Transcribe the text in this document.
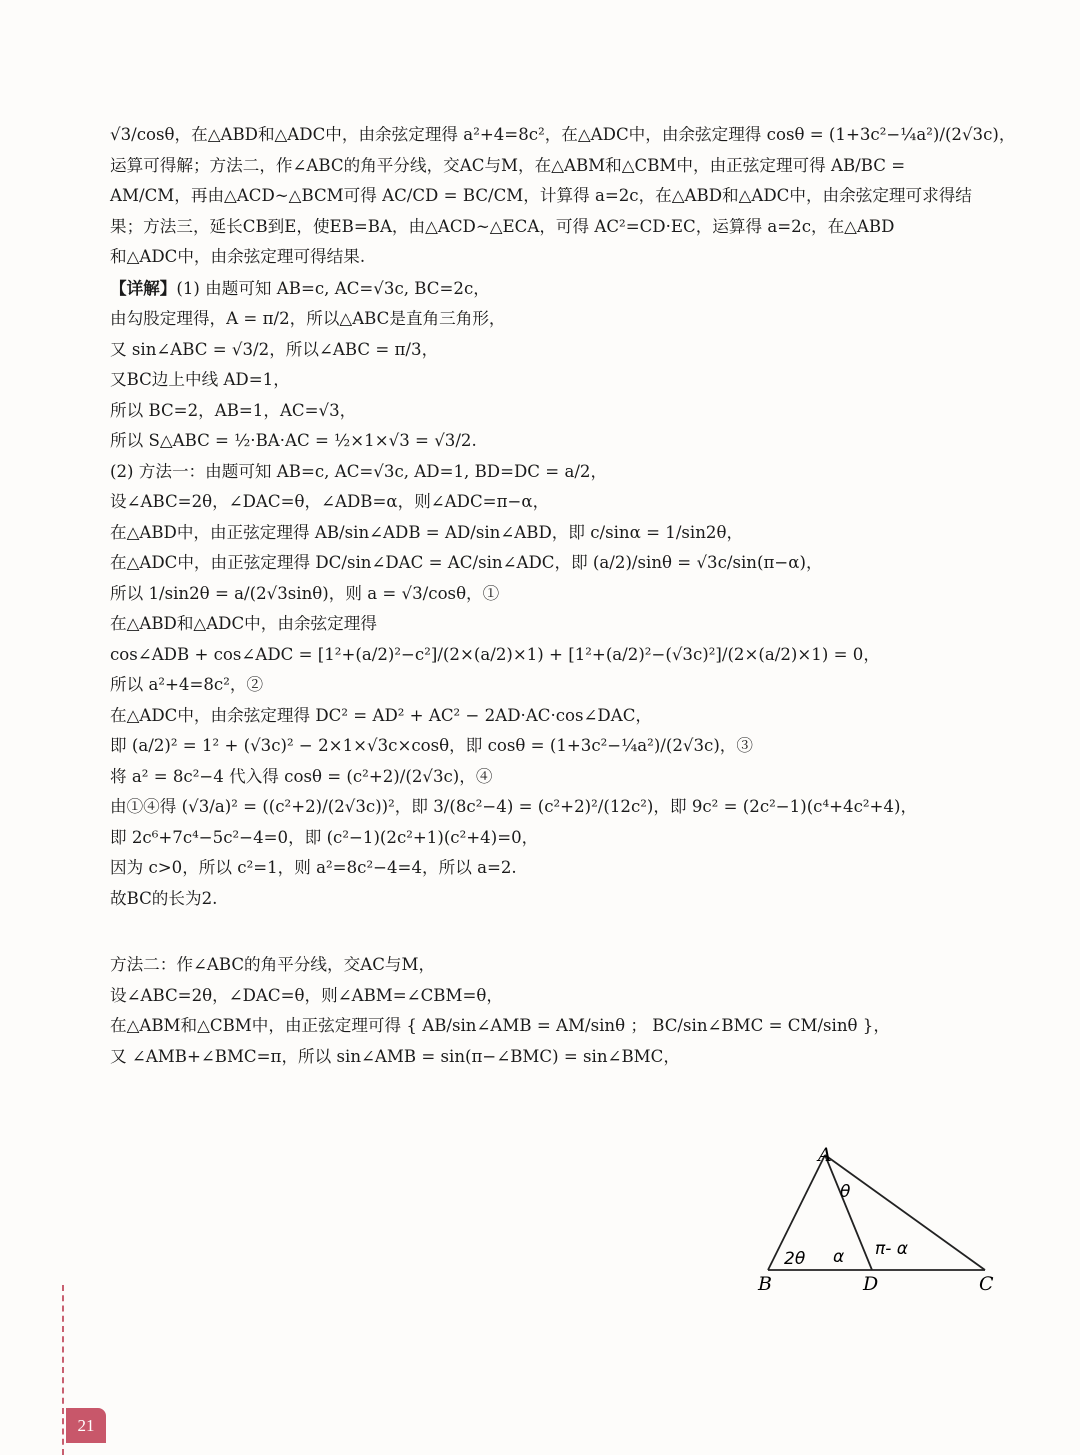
√3/cosθ，在△ABD和△ADC中，由余弦定理得 a²+4=8c²，在△ADC中，由余弦定理得 cosθ = (1+3c²−¼a²)/(2√3c)，
运算可得解；方法二，作∠ABC的角平分线，交AC与M，在△ABM和△CBM中，由正弦定理可得 AB/BC =
AM/CM，再由△ACD∼△BCM可得 AC/CD = BC/CM，计算得 a=2c，在△ABD和△ADC中，由余弦定理可求得结
果；方法三，延长CB到E，使EB=BA，由△ACD∼△ECA，可得 AC²=CD·EC，运算得 a=2c，在△ABD
和△ADC中，由余弦定理可得结果.
【详解】(1) 由题可知 AB=c, AC=√3c, BC=2c，
由勾股定理得，A = π/2，所以△ABC是直角三角形，
又 sin∠ABC = √3/2，所以∠ABC = π/3，
又BC边上中线 AD=1，
所以 BC=2，AB=1，AC=√3，
所以 S△ABC = ½·BA·AC = ½×1×√3 = √3/2.
(2) 方法一：由题可知 AB=c, AC=√3c, AD=1, BD=DC = a/2，
设∠ABC=2θ，∠DAC=θ，∠ADB=α，则∠ADC=π−α，
在△ABD中，由正弦定理得 AB/sin∠ADB = AD/sin∠ABD，即 c/sinα = 1/sin2θ，
在△ADC中，由正弦定理得 DC/sin∠DAC = AC/sin∠ADC，即 (a/2)/sinθ = √3c/sin(π−α)，
所以 1/sin2θ = a/(2√3sinθ)，则 a = √3/cosθ，①
在△ABD和△ADC中，由余弦定理得
cos∠ADB + cos∠ADC = [1²+(a/2)²−c²]/(2×(a/2)×1) + [1²+(a/2)²−(√3c)²]/(2×(a/2)×1) = 0，
所以 a²+4=8c²，②
在△ADC中，由余弦定理得 DC² = AD² + AC² − 2AD·AC·cos∠DAC，
即 (a/2)² = 1² + (√3c)² − 2×1×√3c×cosθ，即 cosθ = (1+3c²−¼a²)/(2√3c)，③
将 a² = 8c²−4 代入得 cosθ = (c²+2)/(2√3c)，④
由①④得 (√3/a)² = ((c²+2)/(2√3c))²，即 3/(8c²−4) = (c²+2)²/(12c²)，即 9c² = (2c²−1)(c⁴+4c²+4)，
即 2c⁶+7c⁴−5c²−4=0，即 (c²−1)(2c²+1)(c²+4)=0，
因为 c>0，所以 c²=1，则 a²=8c²−4=4，所以 a=2.
故BC的长为2.
方法二：作∠ABC的角平分线，交AC与M，
设∠ABC=2θ，∠DAC=θ，则∠ABM=∠CBM=θ，
在△ABM和△CBM中，由正弦定理可得 { AB/sin∠AMB = AM/sinθ ； BC/sin∠BMC = CM/sinθ }，
又 ∠AMB+∠BMC=π，所以 sin∠AMB = sin(π−∠BMC) = sin∠BMC，
A
B	C
D
θ
2θ α π- α
21
